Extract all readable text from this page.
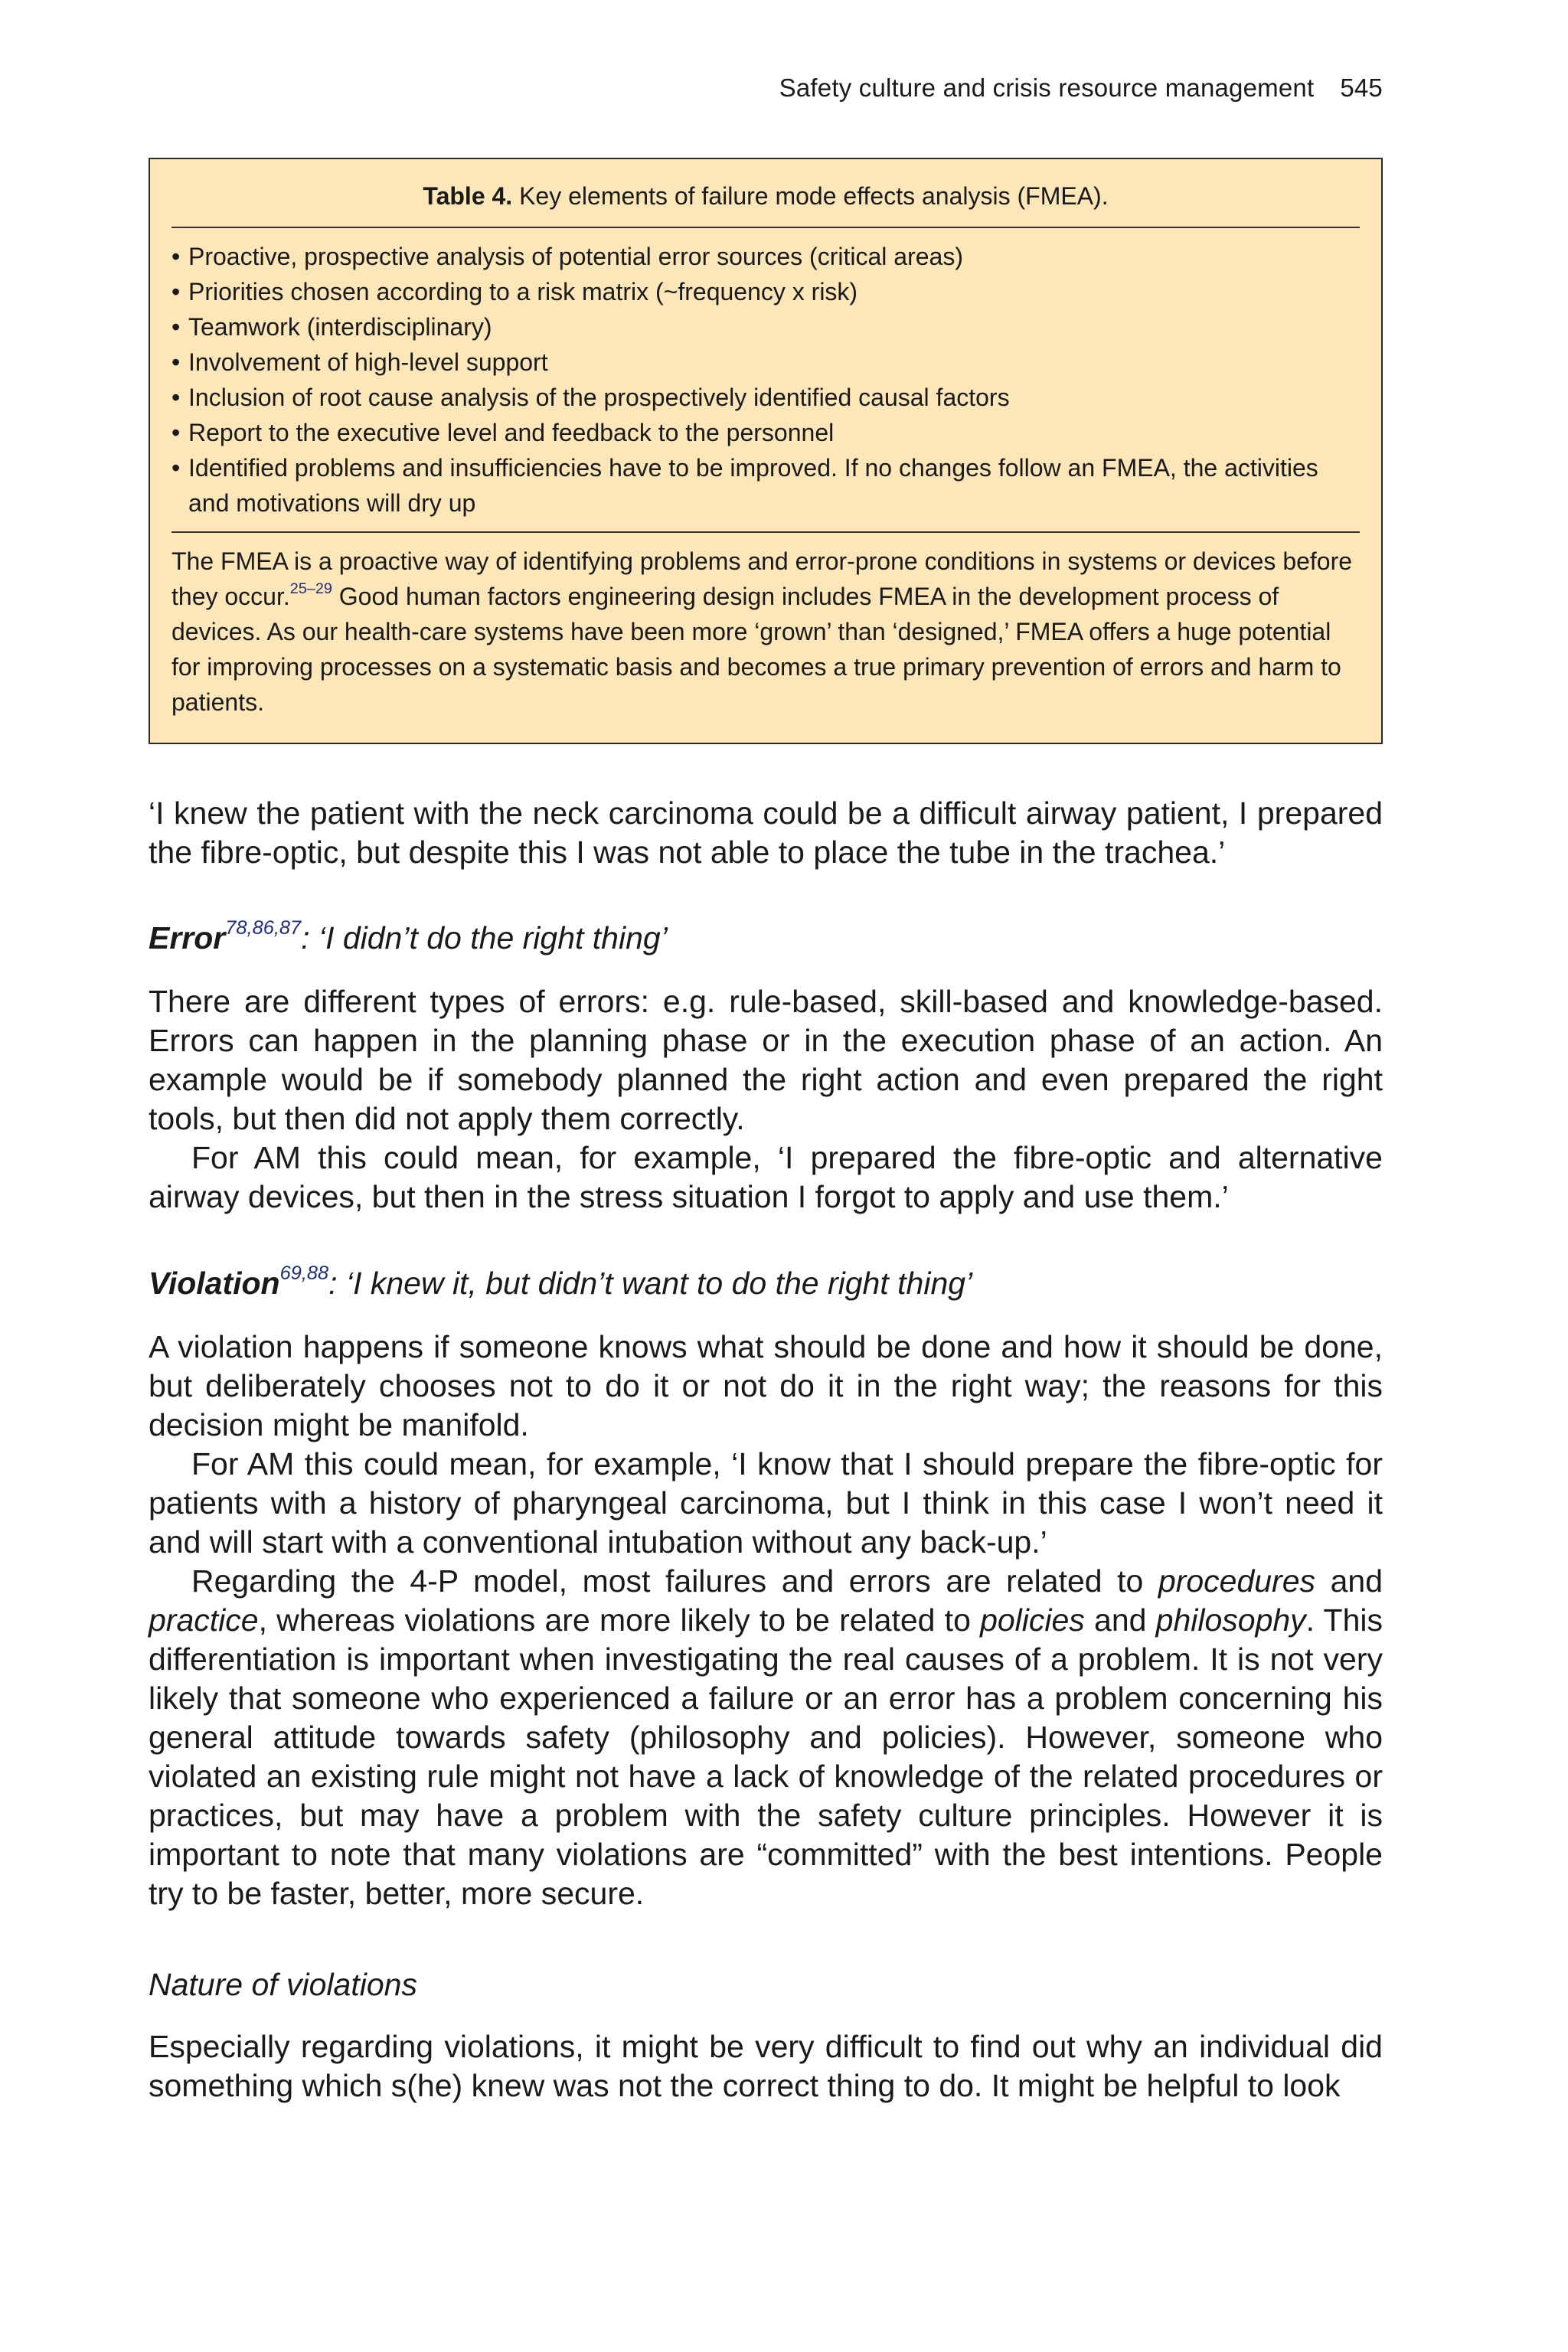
Safety culture and crisis resource management 545
Table 4. Key elements of failure mode effects analysis (FMEA).
• Proactive, prospective analysis of potential error sources (critical areas)
• Priorities chosen according to a risk matrix (~frequency x risk)
• Teamwork (interdisciplinary)
• Involvement of high-level support
• Inclusion of root cause analysis of the prospectively identified causal factors
• Report to the executive level and feedback to the personnel
• Identified problems and insufficiencies have to be improved. If no changes follow an FMEA, the activities and motivations will dry up

The FMEA is a proactive way of identifying problems and error-prone conditions in systems or devices before they occur.$^{25-29}$ Good human factors engineering design includes FMEA in the development process of devices. As our health-care systems have been more ‘grown’ than ‘designed,’ FMEA offers a huge potential for improving processes on a systematic basis and becomes a true primary prevention of errors and harm to patients.

‘I knew the patient with the neck carcinoma could be a difficult airway patient, I prepared the fibre-optic, but despite this I was not able to place the tube in the trachea.’

Error$^{78,86,87}$: ‘I didn’t do the right thing’

There are different types of errors: e.g. rule-based, skill-based and knowledge-based. Errors can happen in the planning phase or in the execution phase of an action. An example would be if somebody planned the right action and even prepared the right tools, but then did not apply them correctly.

For AM this could mean, for example, ‘I prepared the fibre-optic and alternative airway devices, but then in the stress situation I forgot to apply and use them.’

Violation$^{69,88}$: ‘I knew it, but didn’t want to do the right thing’

A violation happens if someone knows what should be done and how it should be done, but deliberately chooses not to do it or not do it in the right way; the reasons for this decision might be manifold.

For AM this could mean, for example, ‘I know that I should prepare the fibre-optic for patients with a history of pharyngeal carcinoma, but I think in this case I won’t need it and will start with a conventional intubation without any back-up.’

Regarding the 4-P model, most failures and errors are related to procedures and practice, whereas violations are more likely to be related to policies and philosophy. This differentiation is important when investigating the real causes of a problem. It is not very likely that someone who experienced a failure or an error has a problem concerning his general attitude towards safety (philosophy and policies). However, someone who violated an existing rule might not have a lack of knowledge of the related procedures or practices, but may have a problem with the safety culture principles. However it is important to note that many violations are “committed” with the best intentions. People try to be faster, better, more secure.

Nature of violations

Especially regarding violations, it might be very difficult to find out why an individual did something which s(he) knew was not the correct thing to do. It might be helpful to look
